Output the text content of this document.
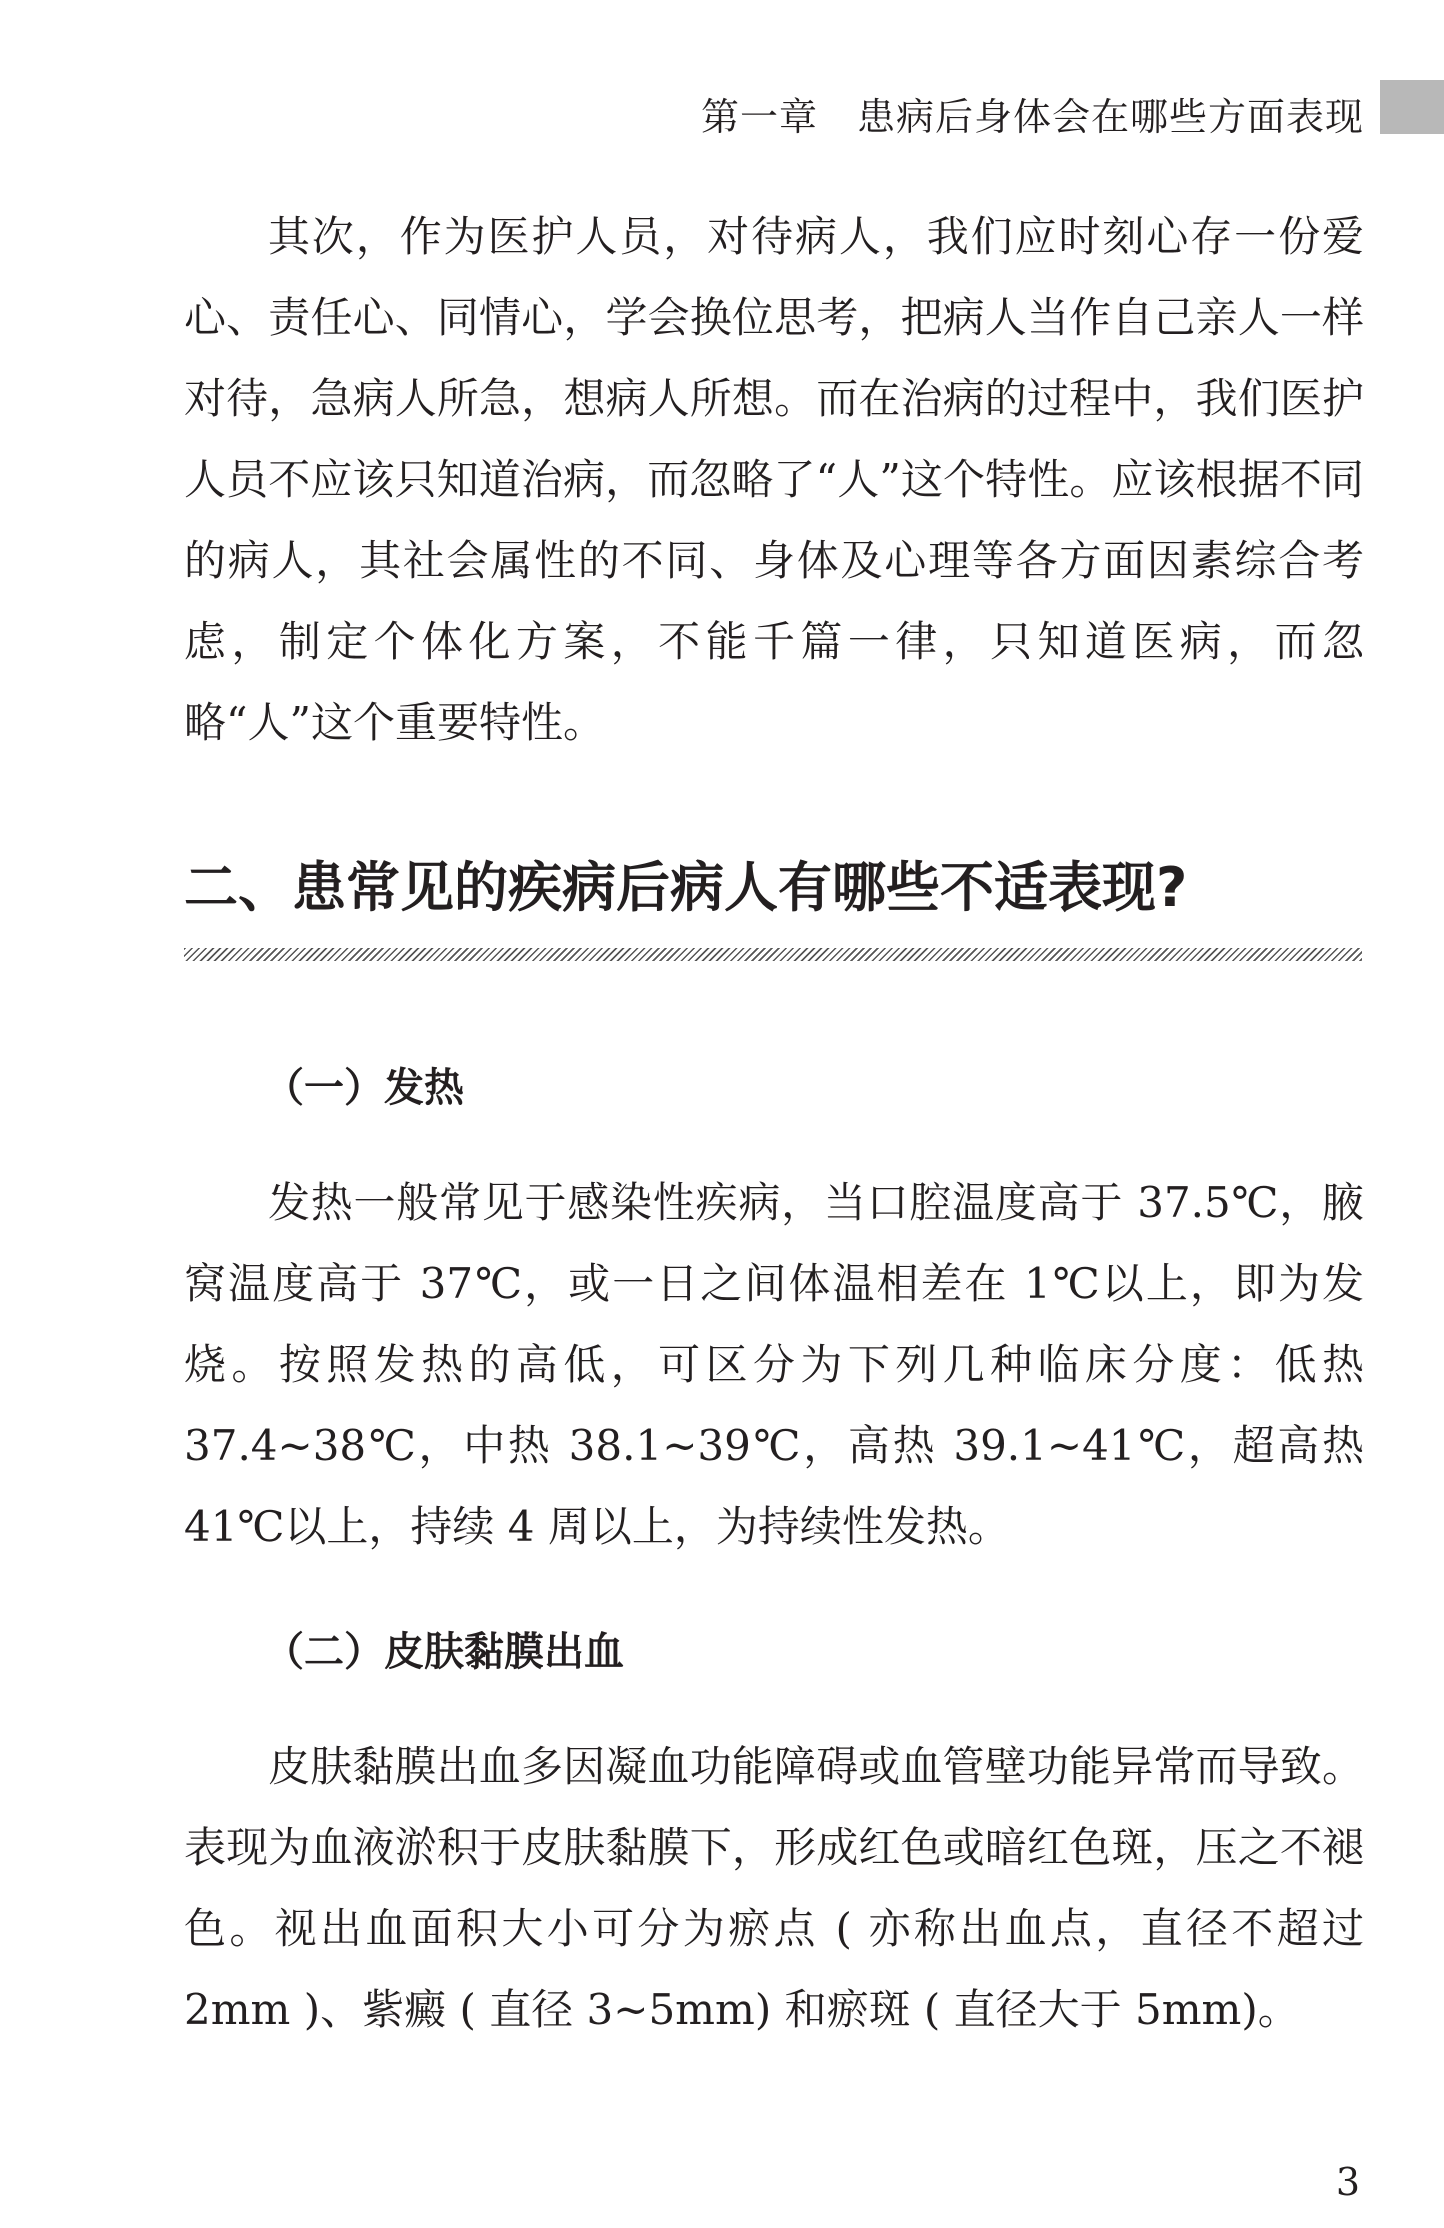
第一章　患病后身体会在哪些方面表现

其次，作为医护人员，对待病人，我们应时刻心存一份爱心、责任心、同情心，学会换位思考，把病人当作自己亲人一样对待，急病人所急，想病人所想。而在治病的过程中，我们医护人员不应该只知道治病，而忽略了“人”这个特性。应该根据不同的病人，其社会属性的不同、身体及心理等各方面因素综合考虑，制定个体化方案，不能千篇一律，只知道医病，而忽略“人”这个重要特性。

二、患常见的疾病后病人有哪些不适表现?
（一）发热

发热一般常见于感染性疾病，当口腔温度高于 37.5℃，腋窝温度高于 37℃，或一日之间体温相差在 1℃以上，即为发烧。按照发热的高低，可区分为下列几种临床分度：低热 37.4~38℃，中热 38.1~39℃，高热 39.1~41℃，超高热 41℃以上，持续 4 周以上，为持续性发热。

（二）皮肤黏膜出血

皮肤黏膜出血多因凝血功能障碍或血管壁功能异常而导致。表现为血液淤积于皮肤黏膜下，形成红色或暗红色斑，压之不褪色。视出血面积大小可分为瘀点 ( 亦称出血点，直径不超过 2mm )、紫癜 ( 直径 3~5mm) 和瘀斑 ( 直径大于 5mm)。

3
